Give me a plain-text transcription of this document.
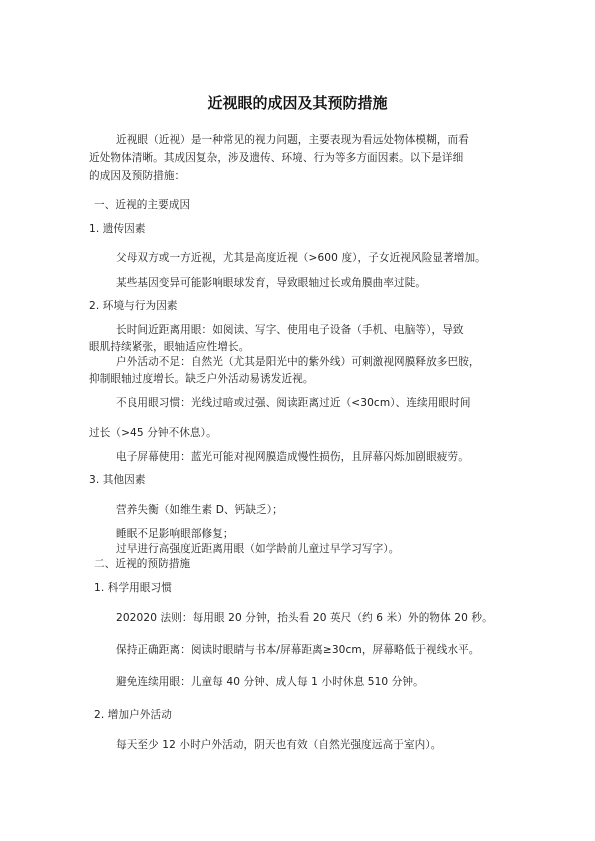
近视眼的成因及其预防措施

近视眼（近视）是一种常见的视力问题，主要表现为看远处物体模糊，而看

近处物体清晰。其成因复杂，涉及遗传、环境、行为等多方面因素。以下是详细

的成因及预防措施：

一、近视的主要成因

1. 遗传因素

父母双方或一方近视，尤其是高度近视（>600 度），子女近视风险显著增加。

某些基因变异可能影响眼球发育，导致眼轴过长或角膜曲率过陡。

2. 环境与行为因素

长时间近距离用眼：如阅读、写字、使用电子设备（手机、电脑等），导致

眼肌持续紧张，眼轴适应性增长。

户外活动不足：自然光（尤其是阳光中的紫外线）可刺激视网膜释放多巴胺，

抑制眼轴过度增长。缺乏户外活动易诱发近视。

不良用眼习惯：光线过暗或过强、阅读距离过近（<30cm）、连续用眼时间

过长（>45 分钟不休息）。

电子屏幕使用：蓝光可能对视网膜造成慢性损伤，且屏幕闪烁加剧眼疲劳。

3. 其他因素

营养失衡（如维生素 D、钙缺乏）；

睡眠不足影响眼部修复；

过早进行高强度近距离用眼（如学龄前儿童过早学习写字）。

二、近视的预防措施

1. 科学用眼习惯

202020 法则：每用眼 20 分钟，抬头看 20 英尺（约 6 米）外的物体 20 秒。

保持正确距离：阅读时眼睛与书本/屏幕距离≥30cm，屏幕略低于视线水平。

避免连续用眼：儿童每 40 分钟、成人每 1 小时休息 510 分钟。

2. 增加户外活动

每天至少 12 小时户外活动，阴天也有效（自然光强度远高于室内）。
